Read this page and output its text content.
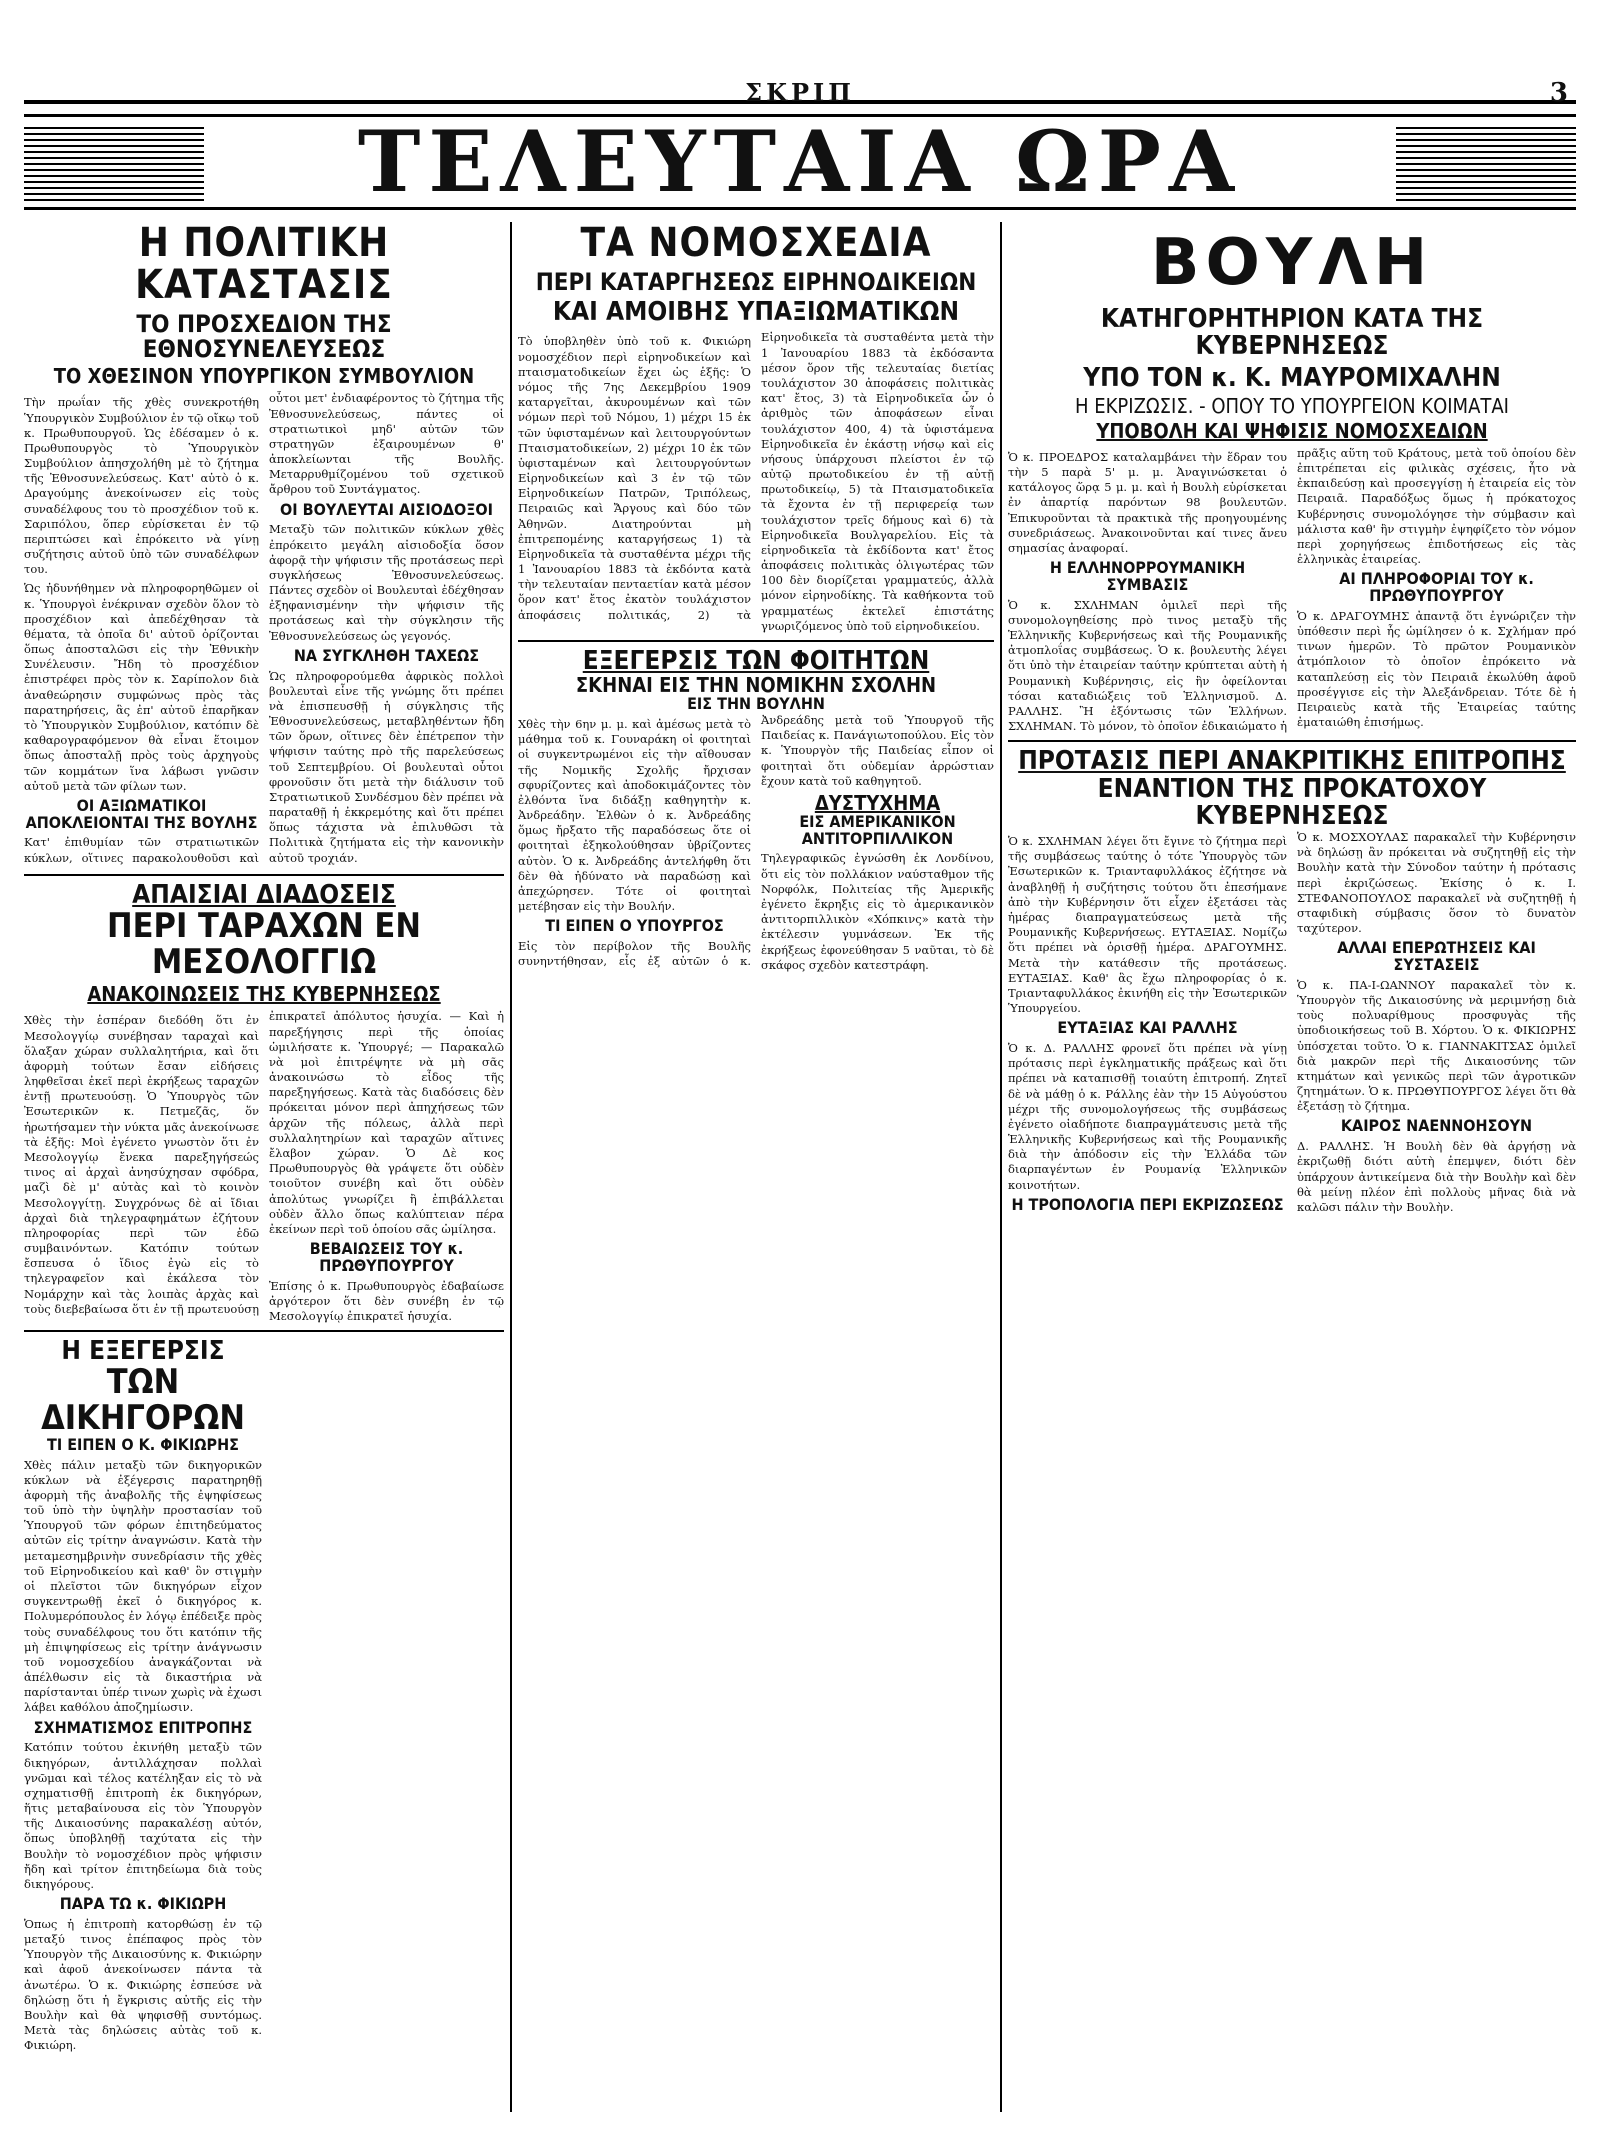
ΣΚΡΙΠ	3
ΤΕΛΕΥΤΑΙΑ ΩΡΑ
Η ΠΟΛΙΤΙΚΗ ΚΑΤΑΣΤΑΣΙΣ
ΤΟ ΠΡΟΣΧΕΔΙΟΝ ΤΗΣ ΕΘΝΟΣΥΝΕΛΕΥΣΕΩΣ
ΤΟ ΧΘΕΣΙΝΟΝ ΥΠΟΥΡΓΙΚΟΝ ΣΥΜΒΟΥΛΙΟΝ

Τὴν πρωΐαν τῆς χθὲς συνεκροτήθη Ὑπουργικὸν Συμβούλιον ἐν τῷ οἴκῳ τοῦ κ. Πρωθυπουργοῦ. Ὡς ἐδέσαμεν ὁ κ. Πρωθυπουργὸς τὸ Ὑπουργικὸν Συμβούλιον ἀπησχολήθη μὲ τὸ ζήτημα τῆς Ἐθνοσυνελεύσεως. Κατ' αὐτὸ ὁ κ. Δραγούμης ἀνεκοίνωσεν εἰς τοὺς συναδέλφους του τὸ προσχέδιον τοῦ κ. Σαριπόλου, ὅπερ εὑρίσκεται ἐν τῷ περιπτώσει καὶ ἐπρόκειτο νὰ γίνῃ συζήτησις αὐτοῦ ὑπὸ τῶν συναδέλφων του.

Ὡς ἠδυνήθημεν νὰ πληροφορηθῶμεν οἱ κ. Ὑπουργοὶ ἐνέκριναν σχεδὸν ὅλον τὸ προσχέδιον καὶ ἀπεδέχθησαν τὰ θέματα, τὰ ὁποῖα δι' αὐτοῦ ὁρίζονται ὅπως ἀποσταλῶσι εἰς τὴν Ἐθνικὴν Συνέλευσιν. Ἤδη τὸ προσχέδιον ἐπιστρέφει πρὸς τὸν κ. Σαρίπολον διὰ ἀναθεώρησιν συμφώνως πρὸς τὰς παρατηρήσεις, ἃς ἐπ' αὐτοῦ ἐπαρῆκαν τὸ Ὑπουργικὸν Συμβούλιον, κατόπιν δὲ καθαρογραφόμενον θὰ εἶναι ἕτοιμον ὅπως ἀποσταλῇ πρὸς τοὺς ἀρχηγοὺς τῶν κομμάτων ἵνα λάβωσι γνῶσιν αὐτοῦ μετὰ τῶν φίλων των.

ΟΙ ΑΞΙΩΜΑΤΙΚΟΙ ΑΠΟΚΛΕΙΟΝΤΑΙ ΤΗΣ ΒΟΥΛΗΣ

Κατ' ἐπιθυμίαν τῶν στρατιωτικῶν κύκλων, οἵτινες παρακολουθοῦσι καὶ οὗτοι μετ' ἐνδιαφέροντος τὸ ζήτημα τῆς Ἐθνοσυνελεύσεως, πάντες οἱ στρατιωτικοὶ μηδ' αὐτῶν τῶν στρατηγῶν ἐξαιρουμένων θ' ἀποκλείωνται τῆς Βουλῆς. Μεταρρυθμίζομένου τοῦ σχετικοῦ ἄρθρου τοῦ Συντάγματος.

ΟΙ ΒΟΥΛΕΥΤΑΙ ΑΙΣΙΟΔΟΞΟΙ

Μεταξὺ τῶν πολιτικῶν κύκλων χθὲς ἐπρόκειτο μεγάλη αἰσιοδοξία ὅσον ἀφορᾷ τὴν ψήφισιν τῆς προτάσεως περὶ συγκλήσεως Ἐθνοσυνελεύσεως. Πάντες σχεδὸν οἱ Βουλευταὶ ἐδέχθησαν ἐξηφανισμένην τὴν ψήφισιν τῆς προτάσεως καὶ τὴν σύγκλησιν τῆς Ἐθνοσυνελεύσεως ὡς γεγονός.

ΝΑ ΣΥΓΚΛΗΘΗ ΤΑΧΕΩΣ

Ὡς πληροφορούμεθα ἀφρικὸς πολλοὶ βουλευταὶ εἶνε τῆς γνώμης ὅτι πρέπει νὰ ἐπισπευσθῇ ἡ σύγκλησις τῆς Ἐθνοσυνελεύσεως, μεταβληθέντων ἤδη τῶν ὅρων, οἵτινες δὲν ἐπέτρεπον τὴν ψήφισιν ταύτης πρὸ τῆς παρελεύσεως τοῦ Σεπτεμβρίου. Οἱ βουλευταὶ οὗτοι φρονοῦσιν ὅτι μετὰ τὴν διάλυσιν τοῦ Στρατιωτικοῦ Συνδέσμου δὲν πρέπει νὰ παραταθῇ ἡ ἐκκρεμότης καὶ ὅτι πρέπει ὅπως τάχιστα νὰ ἐπιλυθῶσι τὰ Πολιτικὰ ζητήματα εἰς τὴν κανονικὴν αὐτοῦ τροχιάν.

ΑΠΑΙΣΙΑΙ ΔΙΑΔΟΣΕΙΣ
ΠΕΡΙ ΤΑΡΑΧΩΝ ΕΝ ΜΕΣΟΛΟΓΓΙΩ
ΑΝΑΚΟΙΝΩΣΕΙΣ ΤΗΣ ΚΥΒΕΡΝΗΣΕΩΣ

Χθὲς τὴν ἑσπέραν διεδόθη ὅτι ἐν Μεσολογγίῳ συνέβησαν ταραχαὶ καὶ ὅλαξαν χώραν συλλαλητήρια, καὶ ὅτι ἀφορμὴ τούτων ἔσαν εἰδήσεις ληφθεῖσαι ἐκεῖ περὶ ἐκρήξεως ταραχῶν ἐντῇ πρωτευούσῃ. Ὁ Ὑπουργὸς τῶν Ἐσωτερικῶν κ. Πετμεζᾶς, ὅν ἠρωτήσαμεν τὴν νύκτα μᾶς ἀνεκοίνωσε τὰ ἑξῆς: Μοὶ ἐγένετο γνωστὸν ὅτι ἐν Μεσολογγίῳ ἔνεκα παρεξηγήσεώς τινος αἱ ἀρχαὶ ἀνησύχησαν σφόδρα, μαζὶ δὲ μ' αὐτὰς καὶ τὸ κοινὸν Μεσολογγίτῃ. Συγχρόνως δὲ αἱ ἴδιαι ἀρχαὶ διὰ τηλεγραφημάτων ἐζήτουν πληροφορίας περὶ τῶν ἐδῶ συμβαινόντων. Κατόπιν τούτων ἔσπευσα ὁ ἴδιος ἐγὼ εἰς τὸ τηλεγραφεῖον καὶ ἐκάλεσα τὸν Νομάρχην καὶ τὰς λοιπὰς ἀρχὰς καὶ τοὺς διεβεβαίωσα ὅτι ἐν τῇ πρωτευούσῃ ἐπικρατεῖ ἀπόλυτος ἡσυχία. — Καὶ ἡ παρεξήγησις περὶ τῆς ὁποίας ὡμιλήσατε κ. Ὑπουργέ; — Παρακαλῶ νὰ μοὶ ἐπιτρέψητε νὰ μὴ σᾶς ἀνακοινώσω τὸ εἶδος τῆς παρεξηγήσεως. Κατὰ τὰς διαδόσεις δὲν πρόκειται μόνον περὶ ἀπηχήσεως τῶν ἀρχῶν τῆς πόλεως, ἀλλὰ περὶ συλλαλητηρίων καὶ ταραχῶν αἵτινες ἔλαβον χώραν. Ὁ Δὲ κος Πρωθυπουργὸς θὰ γράψετε ὅτι οὐδὲν τοιοῦτον συνέβη καὶ ὅτι οὐδὲν ἀπολύτως γνωρίζει ἢ ἐπιβάλλεται οὐδὲν ἄλλο ὅπως καλύπτειαν πέρα ἐκείνων περὶ τοῦ ὁποίου σᾶς ὡμίλησα.

ΒΕΒΑΙΩΣΕΙΣ ΤΟΥ κ. ΠΡΩΘΥΠΟΥΡΓΟΥ

Ἐπίσης ὁ κ. Πρωθυπουργὸς ἐδαβαίωσε ἀργότερον ὅτι δὲν συνέβη ἐν τῷ Μεσολογγίῳ ἐπικρατεῖ ἡσυχία.

Η ΕΞΕΓΕΡΣΙΣ
ΤΩΝ ΔΙΚΗΓΟΡΩΝ
ΤΙ ΕΙΠΕΝ Ο Κ. ΦΙΚΙΩΡΗΣ

Χθὲς πάλιν μεταξὺ τῶν δικηγορικῶν κύκλων νὰ ἐξέγερσις παρατηρηθῇ ἀφορμὴ τῆς ἀναβολῆς τῆς ἐψηφίσεως τοῦ ὑπὸ τὴν ὑψηλὴν προστασίαν τοῦ Ὑπουργοῦ τῶν φόρων ἐπιτηδεύματος αὐτῶν εἰς τρίτην ἀναγνώσιν. Κατὰ τὴν μεταμεσημβρινὴν συνεδρίασιν τῆς χθὲς τοῦ Εἰρηνοδικείου καὶ καθ' ὃν στιγμὴν οἱ πλεῖστοι τῶν δικηγόρων εἶχον συγκεντρωθῇ ἐκεῖ ὁ δικηγόρος κ. Πολυμερόπουλος ἐν λόγῳ ἐπέδειξε πρὸς τοὺς συναδέλφους του ὅτι κατόπιν τῆς μὴ ἐπιψηφίσεως εἰς τρίτην ἀνάγνωσιν τοῦ νομοσχεδίου ἀναγκάζονται νὰ ἀπέλθωσιν εἰς τὰ δικαστήρια νὰ παρίστανται ὑπέρ τινων χωρὶς νὰ ἐχωσι λάβει καθόλου ἀποζημίωσιν.

ΣΧΗΜΑΤΙΣΜΟΣ ΕΠΙΤΡΟΠΗΣ

Κατόπιν τούτου ἐκινήθη μεταξὺ τῶν δικηγόρων, ἀντιλλάχησαν πολλαὶ γνῶμαι καὶ τέλος κατέληξαν εἰς τὸ νὰ σχηματισθῇ ἐπιτροπὴ ἐκ δικηγόρων, ἥτις μεταβαίνουσα εἰς τὸν Ὑπουργὸν τῆς Δικαιοσύνης παρακαλέσῃ αὐτόν, ὅπως ὑποβληθῇ ταχύτατα εἰς τὴν Βουλὴν τὸ νομοσχέδιον πρὸς ψήφισιν ἤδη καὶ τρίτον ἐπιτηδείωμα διὰ τοὺς δικηγόρους.

ΠΑΡΑ ΤΩ κ. ΦΙΚΙΩΡΗ

Ὁπως ἡ ἐπιτροπὴ κατορθώσῃ ἐν τῷ μεταξύ τινος ἐπέπαφος πρὸς τὸν Ὑπουργὸν τῆς Δικαιοσύνης κ. Φικιώρην καὶ ἀφοῦ ἀνεκοίνωσεν πάντα τὰ ἀνωτέρω. Ὁ κ. Φικιώρης ἐσπεύσε νὰ δηλώσῃ ὅτι ἡ ἔγκρισις αὐτῆς εἰς τὴν Βουλὴν καὶ θὰ ψηφισθῇ συντόμως. Μετὰ τὰς δηλώσεις αὐτὰς τοῦ κ. Φικιώρη.

ΤΑ ΝΟΜΟΣΧΕΔΙΑ
ΠΕΡΙ ΚΑΤΑΡΓΗΣΕΩΣ ΕΙΡΗΝΟΔΙΚΕΙΩΝ
ΚΑΙ ΑΜΟΙΒΗΣ ΥΠΑΞΙΩΜΑΤΙΚΩΝ

Τὸ ὑποβληθὲν ὑπὸ τοῦ κ. Φικιώρη νομοσχέδιον περὶ εἰρηνοδικείων καὶ πταισματοδικείων ἔχει ὡς ἑξῆς: Ὁ νόμος τῆς 7ης Δεκεμβρίου 1909 καταργεῖται, ἀκυρουμένων καὶ τῶν νόμων περὶ τοῦ Νόμου, 1) μέχρι 15 ἐκ τῶν ὑφισταμένων καὶ λειτουργούντων Πταισματοδικείων, 2) μέχρι 10 ἐκ τῶν ὑφισταμένων καὶ λειτουργούντων Εἰρηνοδικείων καὶ 3 ἐν τῷ τῶν Εἰρηνοδικείων Πατρῶν, Τριπόλεως, Πειραιῶς καὶ Ἄργους καὶ δύο τῶν Ἀθηνῶν. Διατηρούνται μὴ ἐπιτρεπομένης καταργήσεως 1) τὰ Εἰρηνοδικεῖα τὰ συσταθέντα μέχρι τῆς 1 Ἰανουαρίου 1883 τὰ ἐκδόντα κατὰ τὴν τελευταίαν πενταετίαν κατὰ μέσον ὅρον κατ' ἔτος ἐκατὸν τουλάχιστον ἀποφάσεις πολιτικάς, 2) τὰ Εἰρηνοδικεῖα τὰ συσταθέντα μετὰ τὴν 1 Ἰανουαρίου 1883 τὰ ἐκδόσαντα μέσον ὅρον τῆς τελευταίας διετίας τουλάχιστον 30 ἀποφάσεις πολιτικὰς κατ' ἔτος, 3) τὰ Εἰρηνοδικεῖα ὧν ὁ ἀριθμὸς τῶν ἀποφάσεων εἶναι τουλάχιστον 400, 4) τὰ ὑφιστάμενα Εἰρηνοδικεῖα ἐν ἑκάστῃ νήσῳ καὶ εἰς νήσους ὑπάρχουσι πλείστοι ἐν τῷ αὐτῷ πρωτοδικείου ἐν τῇ αὐτῇ πρωτοδικείῳ, 5) τὰ Πταισματοδικεῖα τὰ ἔχοντα ἐν τῇ περιφερείᾳ των τουλάχιστον τρεῖς δήμους καὶ 6) τὰ Εἰρηνοδικεῖα Βουλγαρελίου. Εἰς τὰ εἰρηνοδικεῖα τὰ ἐκδίδοντα κατ' ἔτος ἀποφάσεις πολιτικὰς ὀλιγωτέρας τῶν 100 δὲν διορίζεται γραμματεύς, ἀλλὰ μόνον εἰρηνοδίκης. Τὰ καθήκοντα τοῦ γραμματέως ἐκτελεῖ ἐπιστάτης γνωριζόμενος ὑπὸ τοῦ εἰρηνοδικείου.

ΕΞΕΓΕΡΣΙΣ ΤΩΝ ΦΟΙΤΗΤΩΝ
ΣΚΗΝΑΙ ΕΙΣ ΤΗΝ ΝΟΜΙΚΗΝ ΣΧΟΛΗΝ
ΕΙΣ ΤΗΝ ΒΟΥΛΗΝ

Χθὲς τὴν 6ην μ. μ. καὶ ἀμέσως μετὰ τὸ μάθημα τοῦ κ. Γουναράκη οἱ φοιτηταὶ οἱ συγκεντρωμένοι εἰς τὴν αἴθουσαν τῆς Νομικῆς Σχολῆς ἤρχισαν σφυρίζοντες καὶ ἀποδοκιμάζοντες τὸν ἐλθόντα ἵνα διδάξῃ καθηγητὴν κ. Ἀνδρεάδην. Ἐλθὼν ὁ κ. Ἀνδρεάδης ὅμως ἤρξατο τῆς παραδόσεως ὅτε οἱ φοιτηταὶ ἐξηκολούθησαν ὑβρίζοντες αὐτὸν. Ὁ κ. Ἀνδρεάδης ἀντελήφθη ὅτι δὲν θὰ ἠδύνατο νὰ παραδώσῃ καὶ ἀπεχώρησεν. Τότε οἱ φοιτηταὶ μετέβησαν εἰς τὴν Βουλήν.

ΤΙ ΕΙΠΕΝ Ο ΥΠΟΥΡΓΟΣ

Εἰς τὸν περίβολον τῆς Βουλῆς συνηντήθησαν, εἷς ἐξ αὐτῶν ὁ κ. Ἀνδρεάδης μετὰ τοῦ Ὑπουργοῦ τῆς Παιδείας κ. Πανάγιωτοπούλου. Εἰς τὸν κ. Ὑπουργὸν τῆς Παιδείας εἶπον οἱ φοιτηταὶ ὅτι οὐδεμίαν ἀρρώστιαν ἔχουν κατὰ τοῦ καθηγητοῦ.

ΔΥΣΤΥΧΗΜΑ

ΕΙΣ ΑΜΕΡΙΚΑΝΙΚΟΝ ΑΝΤΙΤΟΡΠΙΛΛΙΚΟΝ

Τηλεγραφικῶς ἐγνώσθη ἐκ Λονδίνου, ὅτι εἰς τὸν πολλάκιον ναύσταθμον τῆς Νορφόλκ, Πολιτείας τῆς Ἀμερικῆς ἐγένετο ἔκρηξις εἰς τὸ ἀμερικανικὸν ἀντιτορπιλλικὸν «Χόπκινς» κατὰ τὴν ἐκτέλεσιν γυμνάσεων. Ἐκ τῆς ἐκρήξεως ἐφονεύθησαν 5 ναῦται, τὸ δὲ σκάφος σχεδὸν κατεστράφη.

ΒΟΥΛΗ
ΚΑΤΗΓΟΡΗΤΗΡΙΟΝ ΚΑΤΑ ΤΗΣ ΚΥΒΕΡΝΗΣΕΩΣ
ΥΠΟ ΤΟΝ κ. Κ. ΜΑΥΡΟΜΙΧΑΛΗΝ
Η ΕΚΡΙΖΩΣΙΣ. - ΟΠΟΥ ΤΟ ΥΠΟΥΡΓΕΙΟΝ ΚΟΙΜΑΤΑΙ
ΥΠΟΒΟΛΗ ΚΑΙ ΨΗΦΙΣΙΣ ΝΟΜΟΣΧΕΔΙΩΝ

Ὁ κ. ΠΡΟΕΔΡΟΣ καταλαμβάνει τὴν ἕδραν του τὴν 5 παρὰ 5' μ. μ. Ἀναγινώσκεται ὁ κατάλογος ὥρᾳ 5 μ. μ. καὶ ἡ Βουλὴ εὑρίσκεται ἐν ἀπαρτίᾳ παρόντων 98 βουλευτῶν. Ἐπικυροῦνται τὰ πρακτικὰ τῆς προηγουμένης συνεδριάσεως. Ἀνακοινοῦνται καί τινες ἄνευ σημασίας ἀναφοραί.

Η ΕΛΛΗΝΟΡΡΟΥΜΑΝΙΚΗ ΣΥΜΒΑΣΙΣ

Ὁ κ. ΣΧΛΗΜΑΝ ὁμιλεῖ περὶ τῆς συνομολογηθείσης πρὸ τινος μεταξὺ τῆς Ἑλληνικῆς Κυβερνήσεως καὶ τῆς Ρουμανικῆς ἀτμοπλοΐας συμβάσεως. Ὁ κ. βουλευτὴς λέγει ὅτι ὑπὸ τὴν ἐταιρείαν ταύτην κρύπτεται αὐτὴ ἡ Ρουμανικὴ Κυβέρνησις, εἰς ἣν ὀφείλονται τόσαι καταδιώξεις τοῦ Ἑλληνισμοῦ. Δ. ΡΑΛΛΗΣ. Ἢ ἐξόντωσις τῶν Ἑλλήνων. ΣΧΛΗΜΑΝ. Τὸ μόνον, τὸ ὁποῖον ἐδικαιώματο ἡ πρᾶξις αὕτη τοῦ Κράτους, μετὰ τοῦ ὁποίου δὲν ἐπιτρέπεται εἰς φιλικὰς σχέσεις, ἦτο νὰ ἐκπαιδεύσῃ καὶ προσεγγίσῃ ἡ ἐταιρεία εἰς τὸν Πειραιᾶ. Παραδόξως ὅμως ἡ πρόκατοχος Κυβέρνησις συνομολόγησε τὴν σύμβασιν καὶ μάλιστα καθ' ἣν στιγμὴν ἐψηφίζετο τὸν νόμον περὶ χορηγήσεως ἐπιδοτήσεως εἰς τὰς ἑλληνικὰς ἑταιρείας.

ΑΙ ΠΛΗΡΟΦΟΡΙΑΙ ΤΟΥ κ. ΠΡΩΘΥΠΟΥΡΓΟΥ

Ὁ κ. ΔΡΑΓΟΥΜΗΣ ἀπαντᾷ ὅτι ἐγνώριζεν τὴν ὑπόθεσιν περὶ ἧς ὡμίλησεν ὁ κ. Σχλήμαν πρό τινων ἡμερῶν. Τὸ πρῶτον Ρουμανικὸν ἀτμόπλοιον τὸ ὁποῖον ἐπρόκειτο νὰ καταπλεύσῃ εἰς τὸν Πειραιᾶ ἐκωλύθη ἀφοῦ προσέγγισε εἰς τὴν Ἀλεξάνδρειαν. Τότε δὲ ἡ Πειραιεὺς κατὰ τῆς Ἐταιρείας ταύτης ἐματαιώθη ἐπισήμως.

ΠΡΟΤΑΣΙΣ ΠΕΡΙ ΑΝΑΚΡΙΤΙΚΗΣ ΕΠΙΤΡΟΠΗΣ
ΕΝΑΝΤΙΟΝ ΤΗΣ ΠΡΟΚΑΤΟΧΟΥ ΚΥΒΕΡΝΗΣΕΩΣ

Ὁ κ. ΣΧΛΗΜΑΝ λέγει ὅτι ἔγινε τὸ ζήτημα περὶ τῆς συμβάσεως ταύτης ὁ τότε Ὑπουργὸς τῶν Ἐσωτερικῶν κ. Τριανταφυλλάκος ἐζήτησε νὰ ἀναβληθῇ ἡ συζήτησις τούτου ὅτι ἐπεσήμανε ἀπὸ τὴν Κυβέρνησιν ὅτι εἶχεν ἐξετάσει τὰς ἡμέρας διαπραγματεύσεως μετὰ τῆς Ρουμανικῆς Κυβερνήσεως. ΕΥΤΑΞΙΑΣ. Νομίζω ὅτι πρέπει νὰ ὁρισθῇ ἡμέρα. ΔΡΑΓΟΥΜΗΣ. Μετὰ τὴν κατάθεσιν τῆς προτάσεως. ΕΥΤΑΞΙΑΣ. Καθ' ἃς ἔχω πληροφορίας ὁ κ. Τριανταφυλλάκος ἐκινήθη εἰς τὴν Ἐσωτερικῶν Ὑπουργείου.

ΕΥΤΑΞΙΑΣ ΚΑΙ ΡΑΛΛΗΣ

Ὁ κ. Δ. ΡΑΛΛΗΣ φρονεῖ ὅτι πρέπει νὰ γίνῃ πρότασις περὶ ἐγκληματικῆς πράξεως καὶ ὅτι πρέπει νὰ καταπισθῇ τοιαύτη ἐπιτροπή. Ζητεῖ δὲ νὰ μάθῃ ὁ κ. Ράλλης ἐὰν τὴν 15 Αὐγούστου μέχρι τῆς συνομολογήσεως τῆς συμβάσεως ἐγένετο οἰαδήποτε διαπραγμάτευσις μετὰ τῆς Ἑλληνικῆς Κυβερνήσεως καὶ τῆς Ρουμανικῆς διὰ τὴν ἀπόδοσιν εἰς τὴν Ἑλλάδα τῶν διαρπαγέντων ἐν Ρουμανίᾳ Ἑλληνικῶν κοινοτήτων.

Η ΤΡΟΠΟΛΟΓΙΑ ΠΕΡΙ ΕΚΡΙΖΩΣΕΩΣ

Ὁ κ. ΜΟΣΧΟΥΛΑΣ παρακαλεῖ τὴν Κυβέρνησιν νὰ δηλώσῃ ἂν πρόκειται νὰ συζητηθῇ εἰς τὴν Βουλὴν κατὰ τὴν Σύνοδον ταύτην ἡ πρότασις περὶ ἐκριζώσεως. Ἐκίσης ὁ κ. Ι. ΣΤΕΦΑΝΟΠΟΥΛΟΣ παρακαλεῖ νὰ συζητηθῇ ἡ σταφιδικὴ σύμβασις ὅσον τὸ δυνατὸν ταχύτερον.

ΑΛΛΑΙ ΕΠΕΡΩΤΗΣΕΙΣ ΚΑΙ ΣΥΣΤΑΣΕΙΣ

Ὁ κ. ΠΑ-Ι-ΩΑΝΝΟΥ παρακαλεῖ τὸν κ. Ὑπουργὸν τῆς Δικαιοσύνης νὰ μεριμνήσῃ διὰ τοὺς πολυαρίθμους προσφυγὰς τῆς ὑποδιοικήσεως τοῦ Β. Χόρτου. Ὁ κ. ΦΙΚΙΩΡΗΣ ὑπόσχεται τοῦτο. Ὁ κ. ΓΙΑΝΝΑΚΙΤΣΑΣ ὁμιλεῖ διὰ μακρῶν περὶ τῆς Δικαιοσύνης τῶν κτημάτων καὶ γενικῶς περὶ τῶν ἀγροτικῶν ζητημάτων. Ὁ κ. ΠΡΩΘΥΠΟΥΡΓΟΣ λέγει ὅτι θὰ ἐξετάσῃ τὸ ζήτημα.

ΚΑΙΡΟΣ ΝΑΕΝΝΟΗΣΟΥΝ

Δ. ΡΑΛΛΗΣ. Ἡ Βουλὴ δὲν θὰ ἀργήσῃ νὰ ἐκριζωθῇ διότι αὐτὴ ἐπεμψεν, διότι δὲν ὑπάρχουν ἀντικείμενα διὰ τὴν Βουλὴν καὶ δὲν θὰ μείνῃ πλέον ἐπὶ πολλοὺς μῆνας διὰ νὰ καλῶσι πάλιν τὴν Βουλὴν.
